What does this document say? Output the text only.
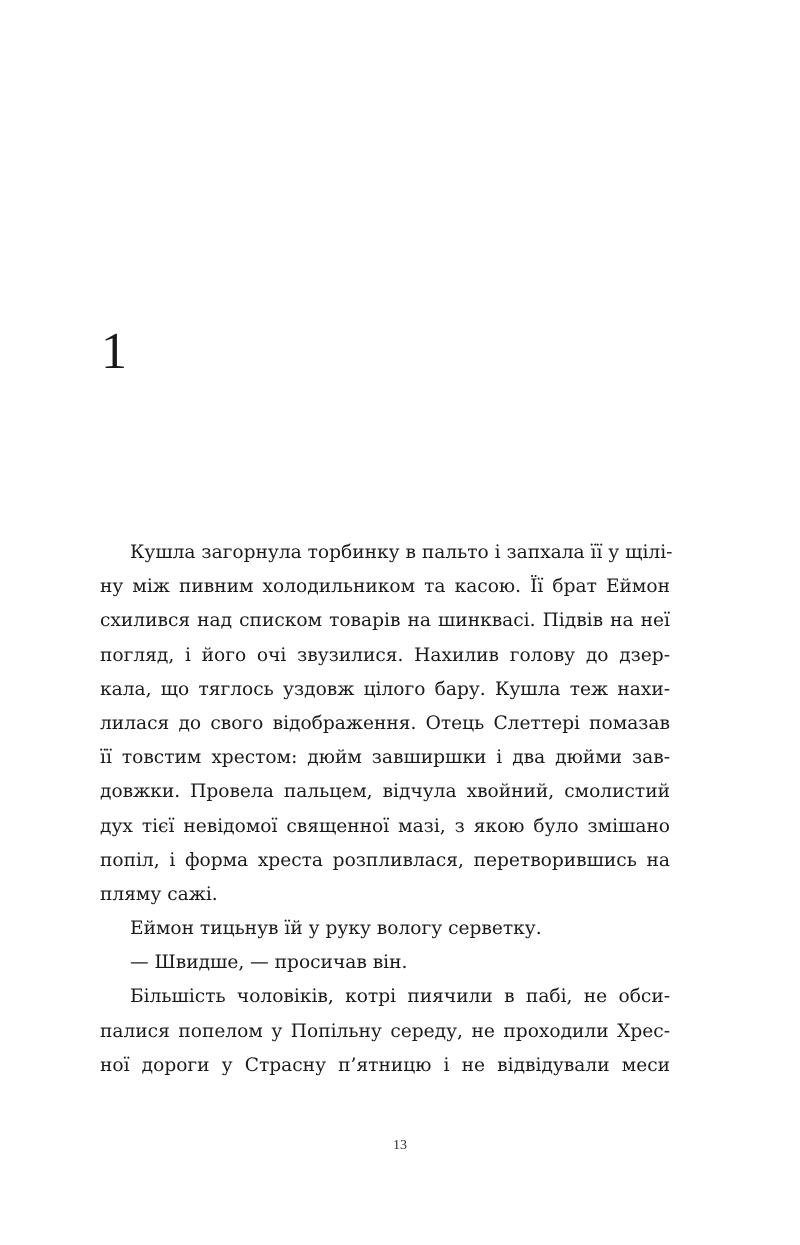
1
Кушла загорнула торбинку в пальто і запхала її у щілі-
ну між пивним холодильником та касою. Її брат Еймон
схилився над списком товарів на шинкваcі. Підвів на неї
погляд, і його очі звузилися. Нахилив голову до дзер-
кала, що тяглось уздовж цілого бару. Кушла теж нахи-
лилася до свого відображення. Отець Слеттері помазав
її товстим хрестом: дюйм завширшки і два дюйми зав-
довжки. Провела пальцем, відчула хвойний, смолистий
дух тієї невідомої священної мазі, з якою було змішано
попіл, і форма хреста розпливлася, перетворившись на
пляму сажі.
Еймон тицьнув їй у руку вологу серветку.
— Швидше, — просичав він.
Більшість чоловіків, котрі пиячили в пабі, не обси-
палися попелом у Попільну середу, не проходили Хрес-
ної дороги у Страсну п’ятницю і не відвідували меси
13
